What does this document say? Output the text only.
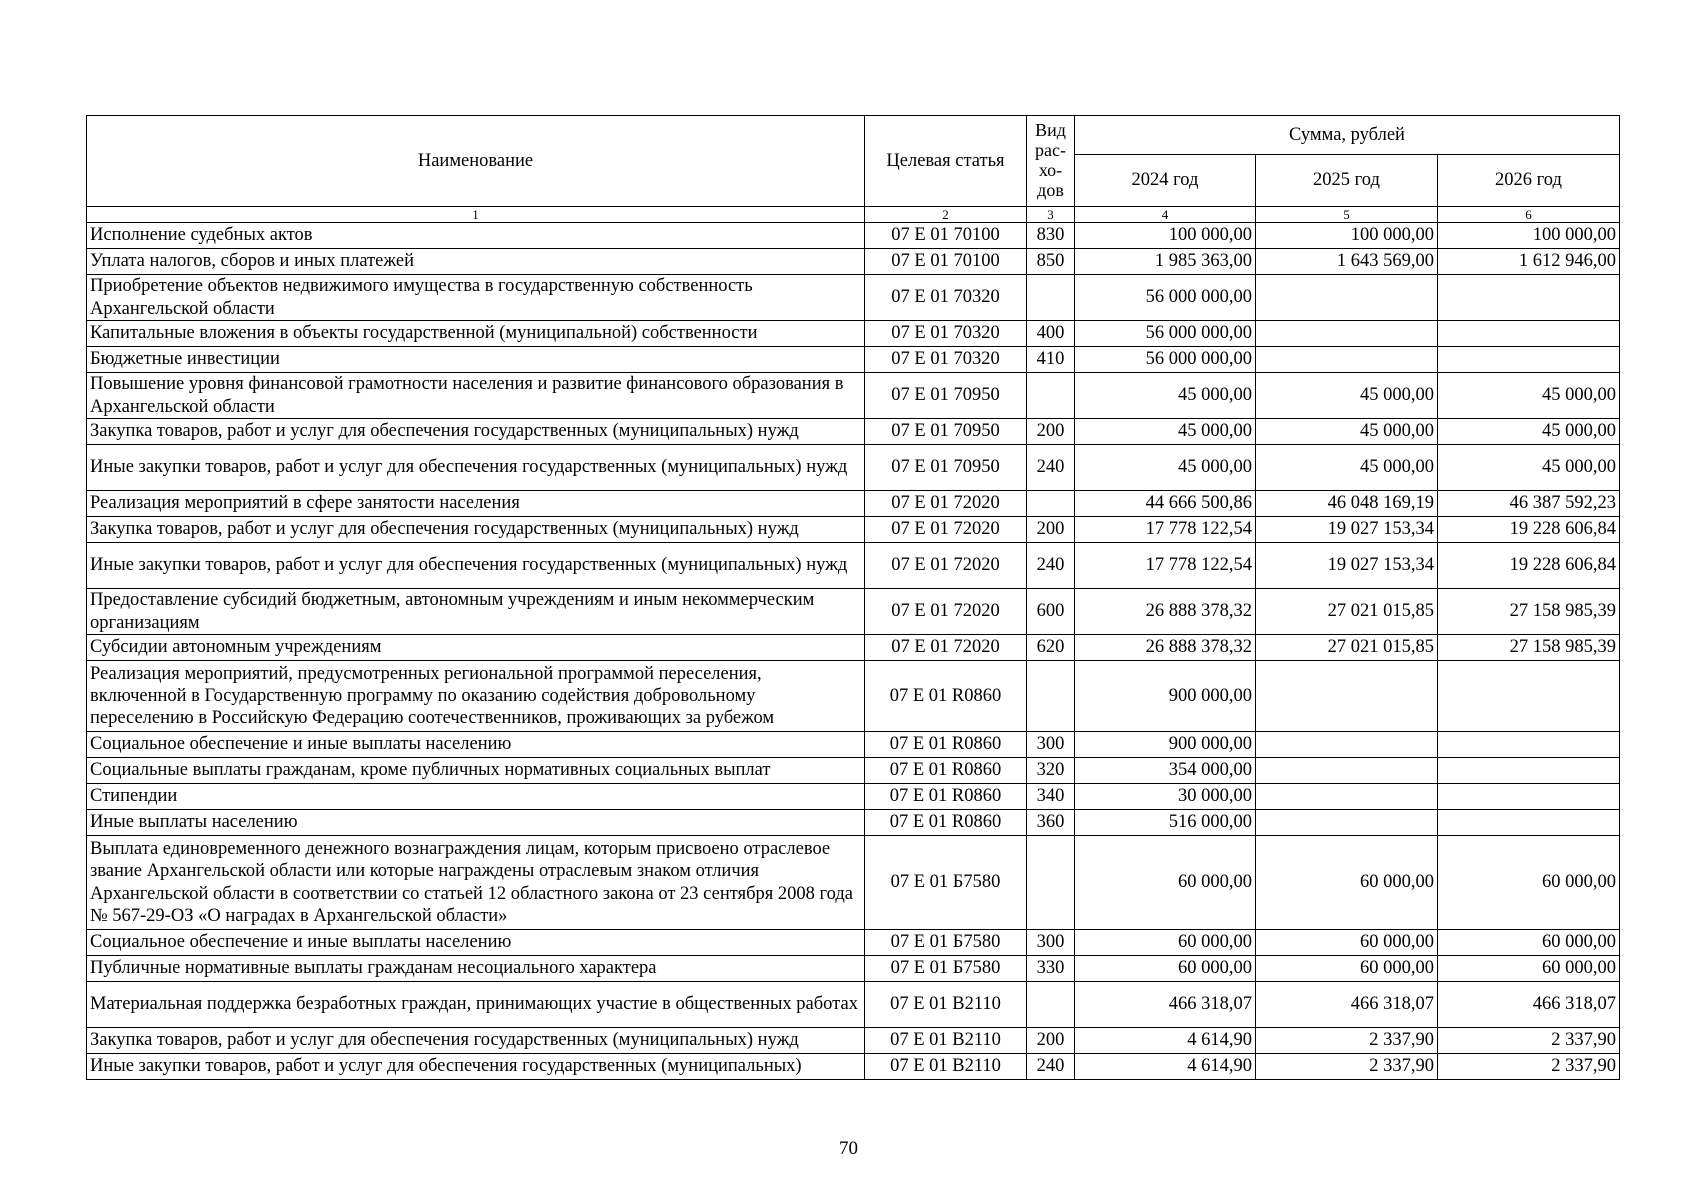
Наименование	Целевая статья	Вид рас-хо-дов	Сумма, рублей		
			2024 год	2025 год	2026 год
1	2	3	4	5	6
Исполнение судебных актов	07 Е 01 70100	830	100 000,00	100 000,00	100 000,00
Уплата налогов, сборов и иных платежей	07 Е 01 70100	850	1 985 363,00	1 643 569,00	1 612 946,00
Приобретение объектов недвижимого имущества в государственную собственность Архангельской области	07 Е 01 70320		56 000 000,00		
Капитальные вложения в объекты государственной (муниципальной) собственности	07 Е 01 70320	400	56 000 000,00		
Бюджетные инвестиции	07 Е 01 70320	410	56 000 000,00		
Повышение уровня финансовой грамотности населения и развитие финансового образования в Архангельской области	07 Е 01 70950		45 000,00	45 000,00	45 000,00
Закупка товаров, работ и услуг для обеспечения государственных (муниципальных) нужд	07 Е 01 70950	200	45 000,00	45 000,00	45 000,00
Иные закупки товаров, работ и услуг для обеспечения государственных (муниципальных) нужд	07 Е 01 70950	240	45 000,00	45 000,00	45 000,00
Реализация мероприятий в сфере занятости населения	07 Е 01 72020		44 666 500,86	46 048 169,19	46 387 592,23
Закупка товаров, работ и услуг для обеспечения государственных (муниципальных) нужд	07 Е 01 72020	200	17 778 122,54	19 027 153,34	19 228 606,84
Иные закупки товаров, работ и услуг для обеспечения государственных (муниципальных) нужд	07 Е 01 72020	240	17 778 122,54	19 027 153,34	19 228 606,84
Предоставление субсидий бюджетным, автономным учреждениям и иным некоммерческим организациям	07 Е 01 72020	600	26 888 378,32	27 021 015,85	27 158 985,39
Субсидии автономным учреждениям	07 Е 01 72020	620	26 888 378,32	27 021 015,85	27 158 985,39
Реализация мероприятий, предусмотренных региональной программой переселения, включенной в Государственную программу по оказанию содействия добровольному переселению в Российскую Федерацию соотечественников, проживающих за рубежом	07 Е 01 R0860		900 000,00		
Социальное обеспечение и иные выплаты населению	07 Е 01 R0860	300	900 000,00		
Социальные выплаты гражданам, кроме публичных нормативных социальных выплат	07 Е 01 R0860	320	354 000,00		
Стипендии	07 Е 01 R0860	340	30 000,00		
Иные выплаты населению	07 Е 01 R0860	360	516 000,00		
Выплата единовременного денежного вознаграждения лицам, которым присвоено отраслевое звание Архангельской области или которые награждены отраслевым знаком отличия Архангельской области в соответствии со статьей 12 областного закона от 23 сентября 2008 года № 567-29-ОЗ «О наградах в Архангельской области»	07 Е 01 Б7580		60 000,00	60 000,00	60 000,00
Социальное обеспечение и иные выплаты населению	07 Е 01 Б7580	300	60 000,00	60 000,00	60 000,00
Публичные нормативные выплаты гражданам несоциального характера	07 Е 01 Б7580	330	60 000,00	60 000,00	60 000,00
Материальная поддержка безработных граждан, принимающих участие в общественных работах	07 Е 01 В2110		466 318,07	466 318,07	466 318,07
Закупка товаров, работ и услуг для обеспечения государственных (муниципальных) нужд	07 Е 01 В2110	200	4 614,90	2 337,90	2 337,90
Иные закупки товаров, работ и услуг для обеспечения государственных (муниципальных)	07 Е 01 В2110	240	4 614,90	2 337,90	2 337,90
70
